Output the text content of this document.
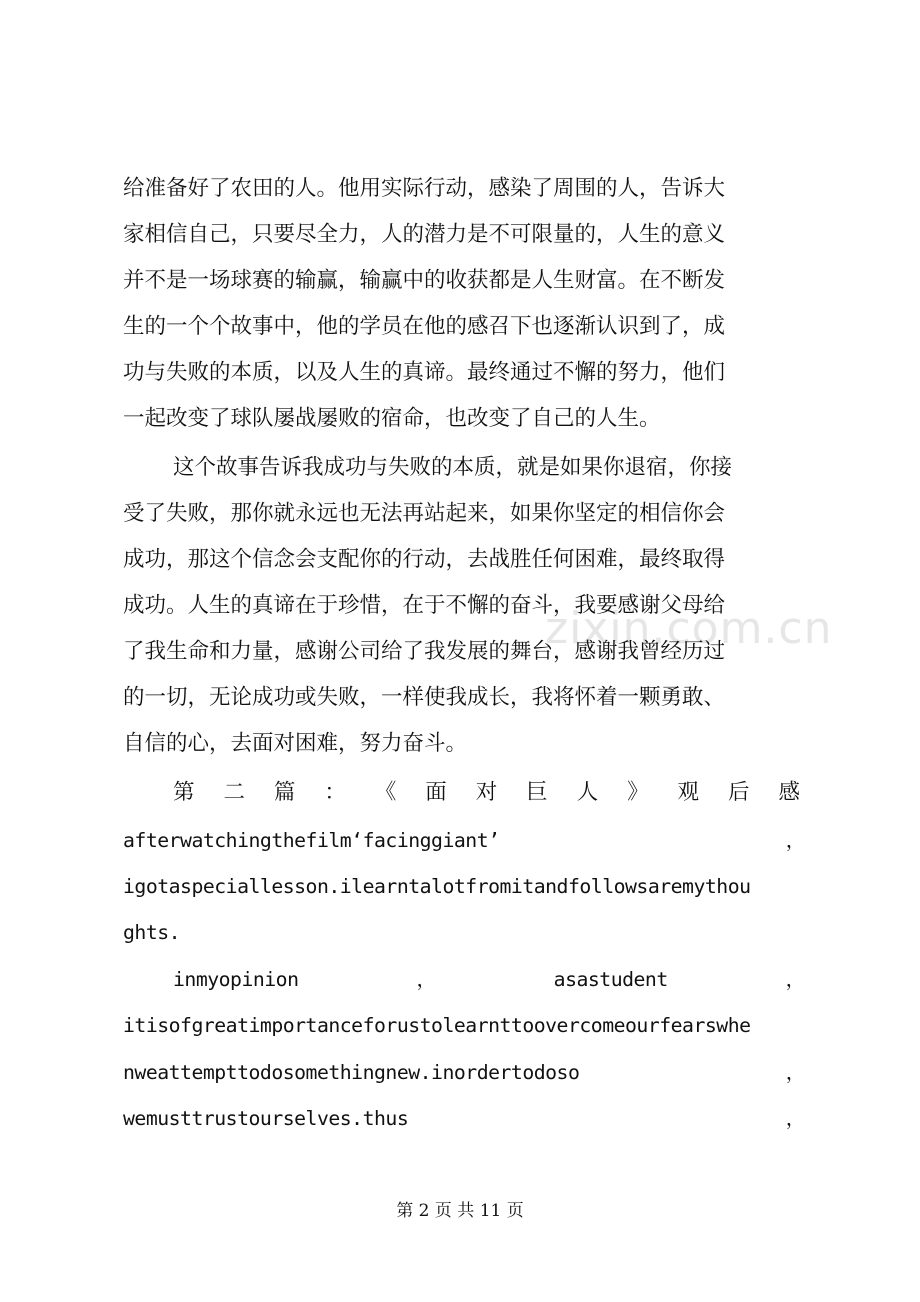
zixin.com.cn

给准备好了农田的人。他用实际行动，感染了周围的人，告诉大

家相信自己，只要尽全力，人的潜力是不可限量的，人生的意义

并不是一场球赛的输赢，输赢中的收获都是人生财富。在不断发

生的一个个故事中，他的学员在他的感召下也逐渐认识到了，成

功与失败的本质，以及人生的真谛。最终通过不懈的努力，他们

一起改变了球队屡战屡败的宿命，也改变了自己的人生。

这个故事告诉我成功与失败的本质，就是如果你退宿，你接

受了失败，那你就永远也无法再站起来，如果你坚定的相信你会

成功，那这个信念会支配你的行动，去战胜任何困难，最终取得

成功。人生的真谛在于珍惜，在于不懈的奋斗，我要感谢父母给

了我生命和力量，感谢公司给了我发展的舞台，感谢我曾经历过

的一切，无论成功或失败，一样使我成长，我将怀着一颗勇敢、

自信的心，去面对困难，努力奋斗。

第 二 篇 ： 《 面 对 巨 人 》 观 后 感
afterwatchingthefilm‘facinggiant’	，

igotaspeciallesson.ilearntalotfromitandfollowsaremythou

ghts.

inmyopinion	，	asastudent	，

itisofgreatimportanceforustolearnttoovercomeourfearswhe

nweattempttodosomethingnew.inordertodoso	，
wemusttrustourselves.thus	，
第 2 页 共 11 页
